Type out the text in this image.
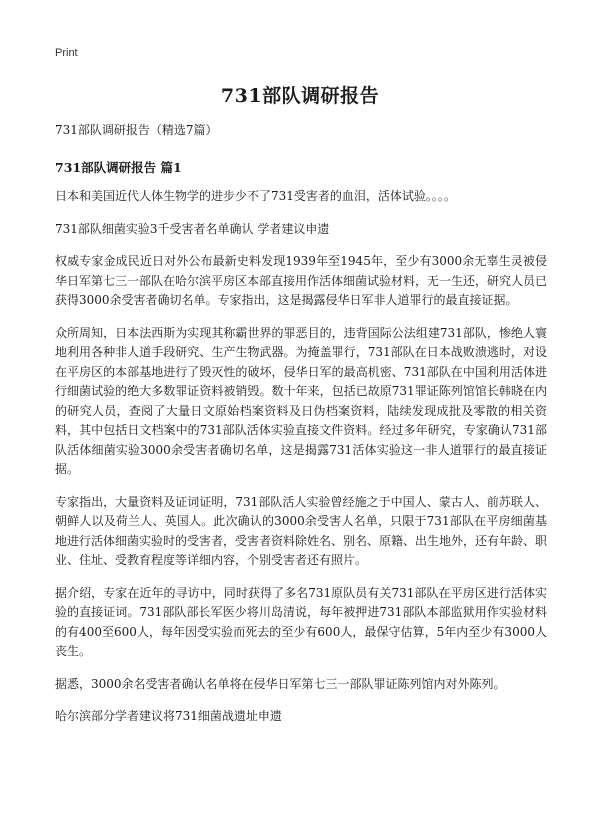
Print
731部队调研报告
731部队调研报告（精选7篇）
731部队调研报告 篇1

日本和美国近代人体生物学的进步少不了731受害者的血泪，活体试验。。。。

731部队细菌实验3千受害者名单确认 学者建议申遗

权威专家金成民近日对外公布最新史料发现1939年至1945年，至少有3000余无辜生灵被侵华日军第七三一部队在哈尔滨平房区本部直接用作活体细菌试验材料，无一生还，研究人员已获得3000余受害者确切名单。专家指出，这是揭露侵华日军非人道罪行的最直接证据。

众所周知，日本法西斯为实现其称霸世界的罪恶目的，违背国际公法组建731部队，惨绝人寰地利用各种非人道手段研究、生产生物武器。为掩盖罪行，731部队在日本战败溃逃时，对设在平房区的本部基地进行了毁灭性的破坏，侵华日军的最高机密、731部队在中国利用活体进行细菌试验的绝大多数罪证资料被销毁。数十年来，包括已故原731罪证陈列馆馆长韩晓在内的研究人员，查阅了大量日文原始档案资料及日伪档案资料，陆续发现成批及零散的相关资料，其中包括日文档案中的731部队活体实验直接文件资料。经过多年研究，专家确认731部队活体细菌实验3000余受害者确切名单，这是揭露731活体实验这一非人道罪行的最直接证据。

专家指出，大量资料及证词证明，731部队活人实验曾经施之于中国人、蒙古人、前苏联人、朝鲜人以及荷兰人、英国人。此次确认的3000余受害人名单，只限于731部队在平房细菌基地进行活体细菌实验时的受害者，受害者资料除姓名、别名、原籍、出生地外，还有年龄、职业、住址、受教育程度等详细内容，个别受害者还有照片。

据介绍，专家在近年的寻访中，同时获得了多名731原队员有关731部队在平房区进行活体实验的直接证词。731部队部长军医少将川岛清说，每年被押进731部队本部监狱用作实验材料的有400至600人，每年因受实验而死去的至少有600人，最保守估算，5年内至少有3000人丧生。

据悉，3000余名受害者确认名单将在侵华日军第七三一部队罪证陈列馆内对外陈列。

哈尔滨部分学者建议将731细菌战遗址申遗
